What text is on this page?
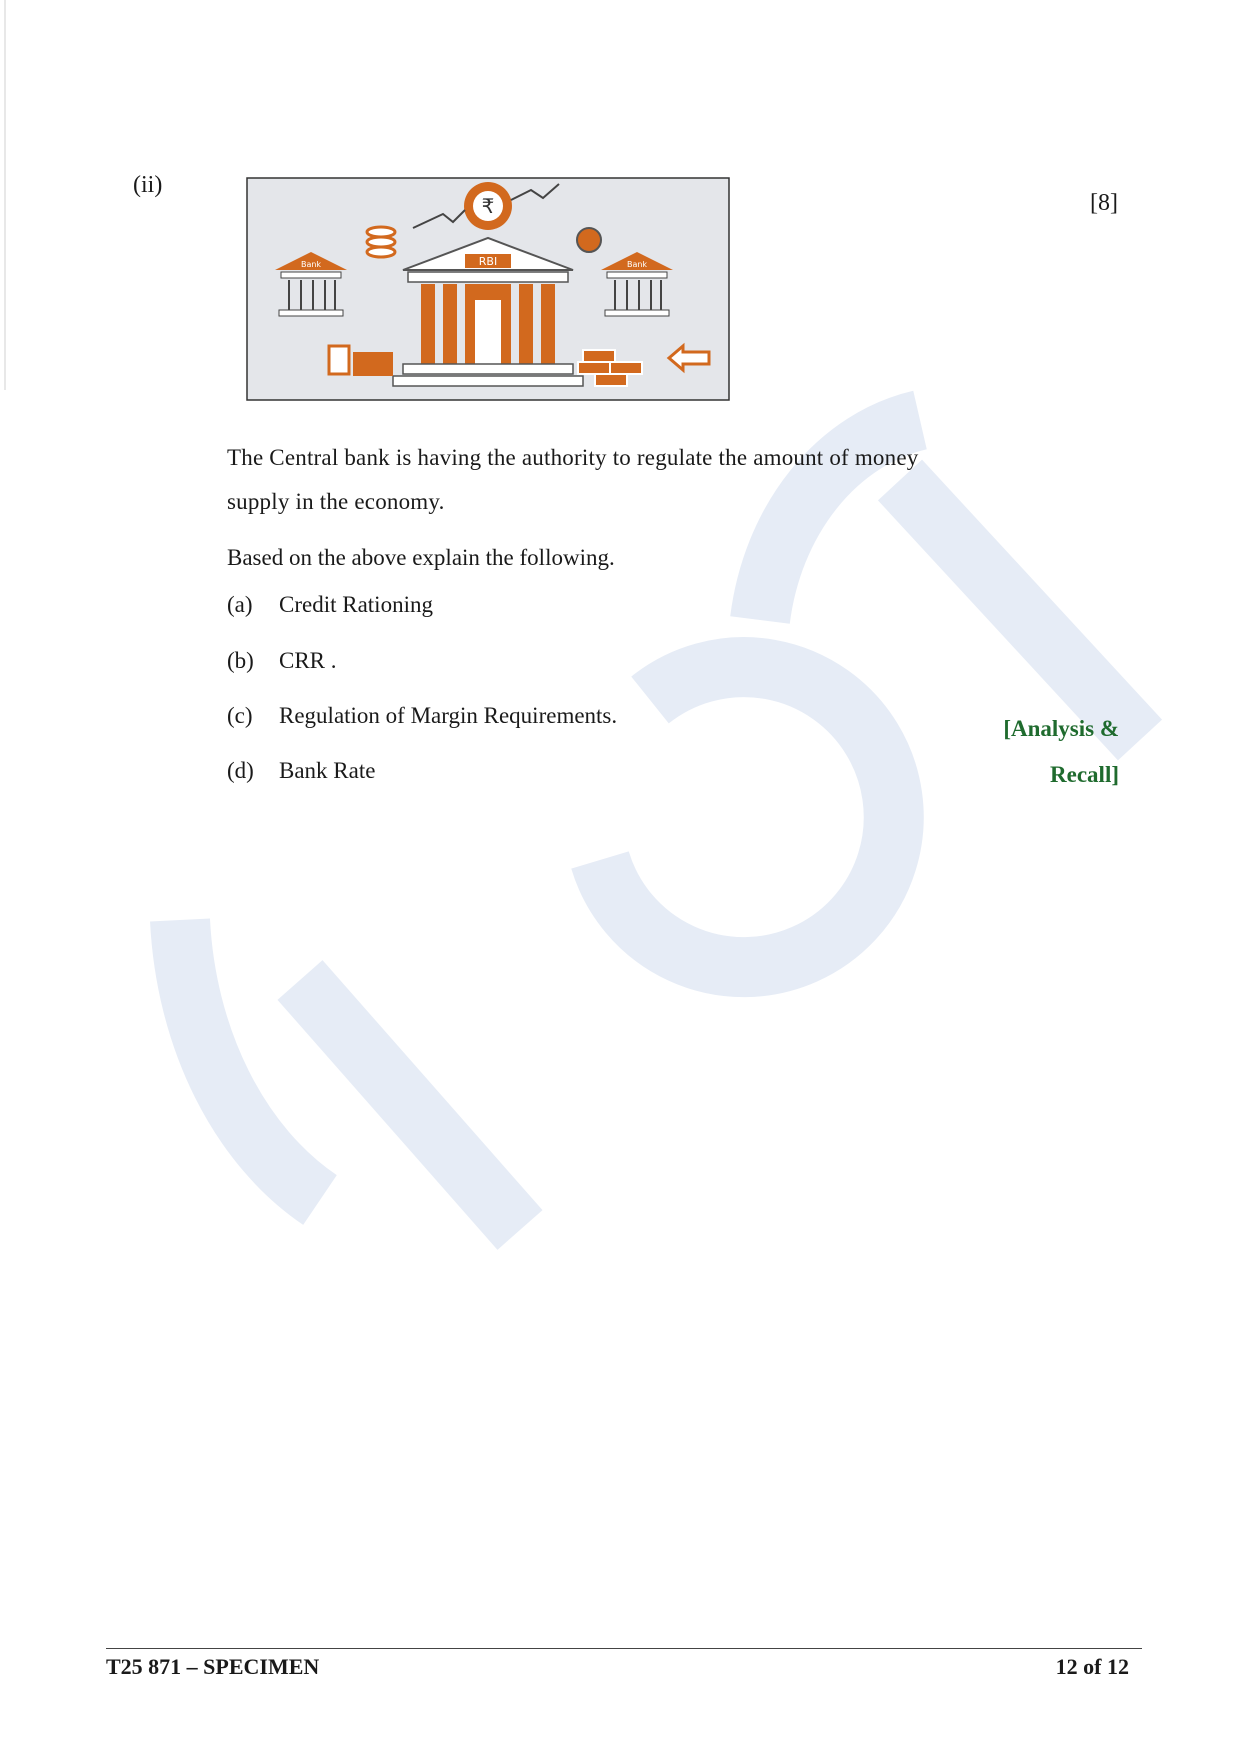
(ii)
[8]
RBI
Bank	Bank
₹
The Central bank is having the authority to regulate the amount of money supply in the economy.
Based on the above explain the following.
(a) Credit Rationing
(b) CRR .
(c) Regulation of Margin Requirements.
(d) Bank Rate
[Analysis &
Recall]
T25 871 – SPECIMEN	12 of 12
